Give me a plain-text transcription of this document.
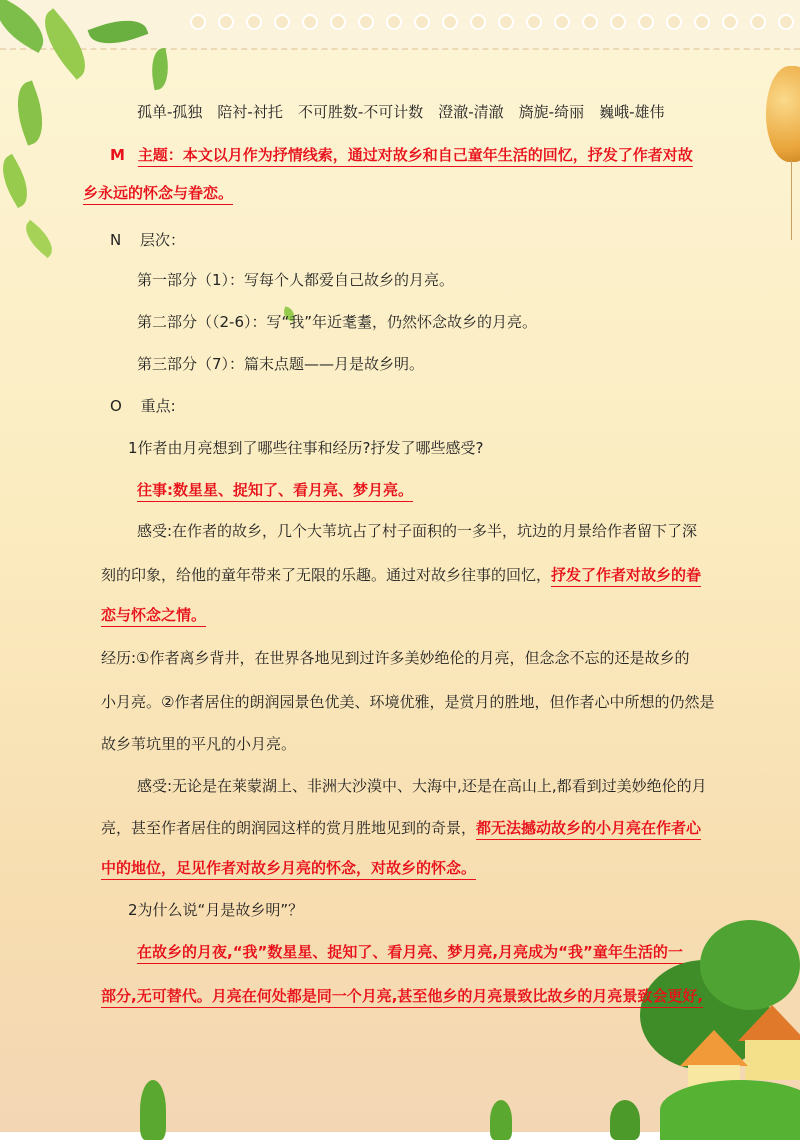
孤单-孤独　陪衬-衬托　不可胜数-不可计数　澄澈-清澈　旖旎-绮丽　巍峨-雄伟
M 主题：本文以月作为抒情线索，通过对故乡和自己童年生活的回忆，抒发了作者对故
乡永远的怀念与眷恋。
N 层次：
第一部分（1）：写每个人都爱自己故乡的月亮。
第二部分（（2-6）：写“我”年近耄耋，仍然怀念故乡的月亮。
第三部分（7）：篇末点题——月是故乡明。
O 重点:
1作者由月亮想到了哪些往事和经历?抒发了哪些感受?
往事:数星星、捉知了、看月亮、梦月亮。
感受:在作者的故乡，几个大苇坑占了村子面积的一多半，坑边的月景给作者留下了深
刻的印象，给他的童年带来了无限的乐趣。通过对故乡往事的回忆，抒发了作者对故乡的眷
恋与怀念之情。
经历:①作者离乡背井，在世界各地见到过许多美妙绝伦的月亮，但念念不忘的还是故乡的
小月亮。②作者居住的朗润园景色优美、环境优雅，是赏月的胜地，但作者心中所想的仍然是
故乡苇坑里的平凡的小月亮。
感受:无论是在莱蒙湖上、非洲大沙漠中、大海中,还是在高山上,都看到过美妙绝伦的月
亮，甚至作者居住的朗润园这样的赏月胜地见到的奇景，都无法撼动故乡的小月亮在作者心
中的地位，足见作者对故乡月亮的怀念，对故乡的怀念。
2为什么说“月是故乡明”？
在故乡的月夜,“我”数星星、捉知了、看月亮、梦月亮,月亮成为“我”童年生活的一
部分,无可替代。月亮在何处都是同一个月亮,甚至他乡的月亮景致比故乡的月亮景致会更好,
